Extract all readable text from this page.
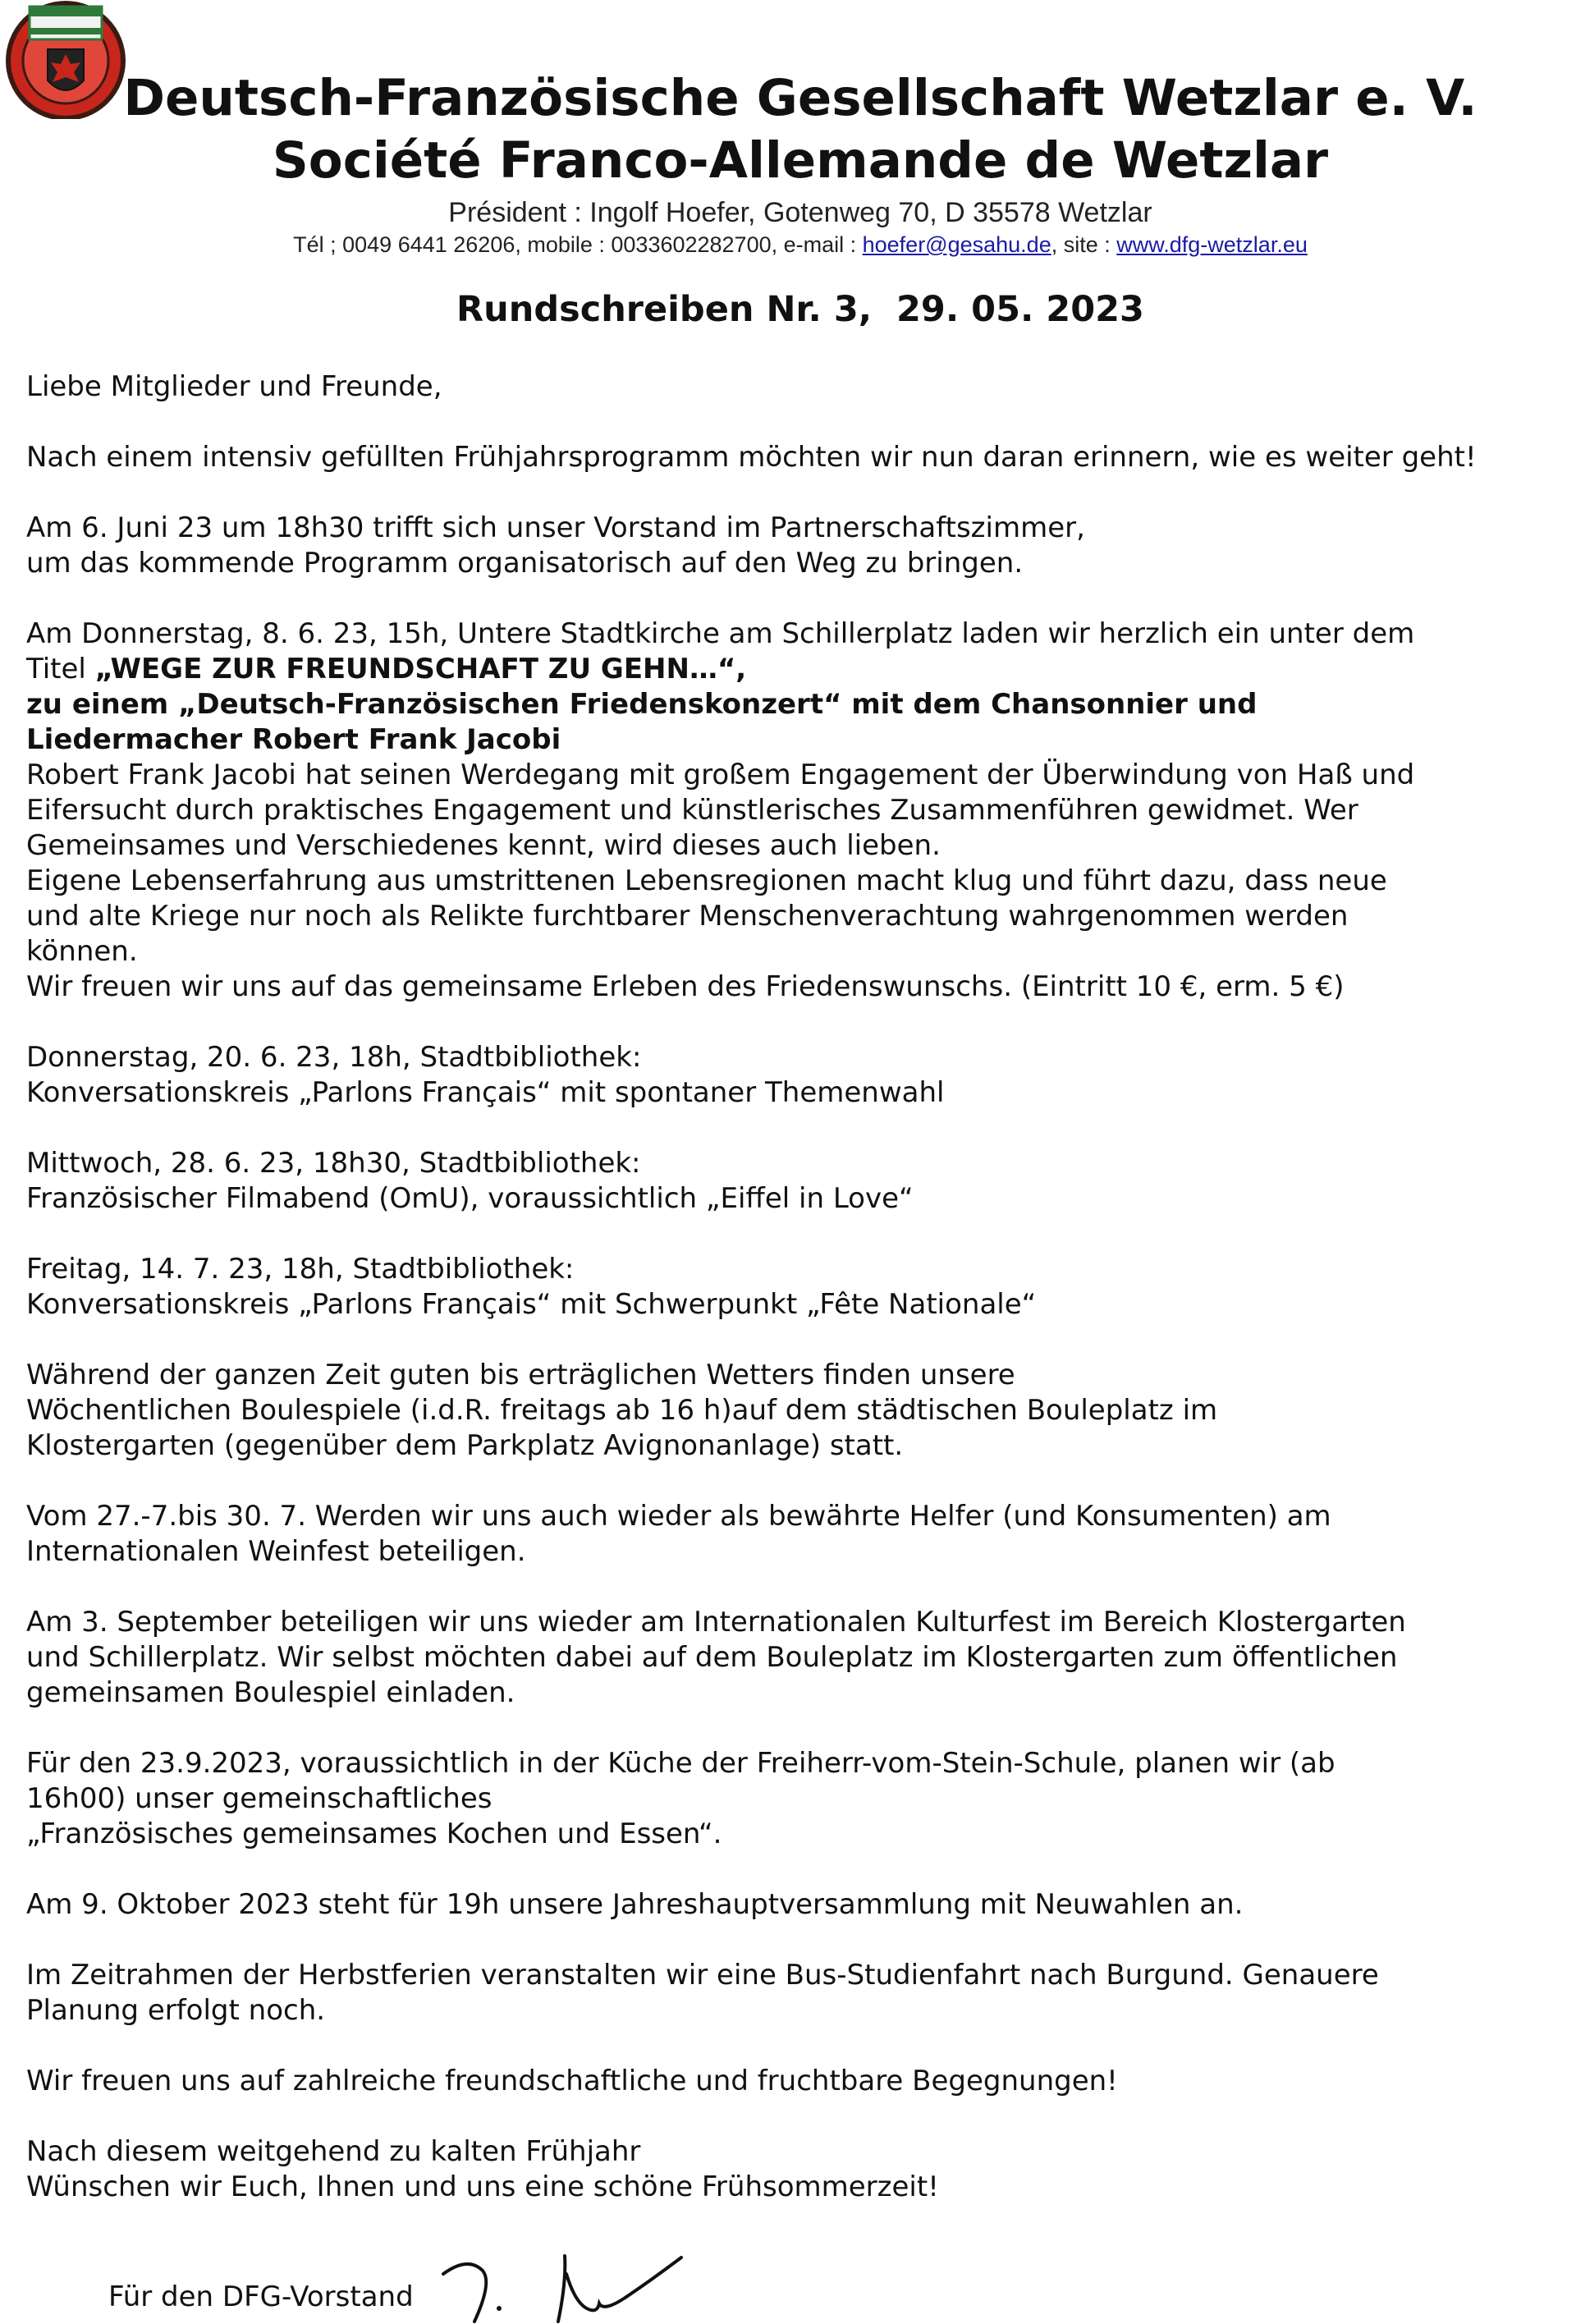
Deutsch-Französische Gesellschaft Wetzlar e. V.
Société Franco-Allemande de Wetzlar
Président : Ingolf Hoefer, Gotenweg 70, D 35578 Wetzlar
Tél ; 0049 6441 26206, mobile : 0033602282700, e-mail : hoefer@gesahu.de, site : www.dfg-wetzlar.eu
Rundschreiben Nr. 3,  29. 05. 2023

Liebe Mitglieder und Freunde,

Nach einem intensiv gefüllten Frühjahrsprogramm möchten wir nun daran erinnern, wie es weiter geht!

Am 6. Juni 23 um 18h30 trifft sich unser Vorstand im Partnerschaftszimmer,
um das kommende Programm organisatorisch auf den Weg zu bringen.

Am Donnerstag, 8. 6. 23, 15h, Untere Stadtkirche am Schillerplatz laden wir herzlich ein unter dem
Titel „WEGE ZUR FREUNDSCHAFT ZU GEHN…“,
zu einem „Deutsch-Französischen Friedenskonzert“ mit dem Chansonnier und
Liedermacher Robert Frank Jacobi
Robert Frank Jacobi hat seinen Werdegang mit großem Engagement der Überwindung von Haß und
Eifersucht durch praktisches Engagement und künstlerisches Zusammenführen gewidmet. Wer
Gemeinsames und Verschiedenes kennt, wird dieses auch lieben.
Eigene Lebenserfahrung aus umstrittenen Lebensregionen macht klug und führt dazu, dass neue
und alte Kriege nur noch als Relikte furchtbarer Menschenverachtung wahrgenommen werden
können.
Wir freuen wir uns auf das gemeinsame Erleben des Friedenswunschs. (Eintritt 10 €, erm. 5 €)

Donnerstag, 20. 6. 23, 18h, Stadtbibliothek:
Konversationskreis „Parlons Français“ mit spontaner Themenwahl

Mittwoch, 28. 6. 23, 18h30, Stadtbibliothek:
Französischer Filmabend (OmU), voraussichtlich „Eiffel in Love“

Freitag, 14. 7. 23, 18h, Stadtbibliothek:
Konversationskreis „Parlons Français“ mit Schwerpunkt „Fête Nationale“

Während der ganzen Zeit guten bis erträglichen Wetters finden unsere
Wöchentlichen Boulespiele (i.d.R. freitags ab 16 h)auf dem städtischen Bouleplatz im
Klostergarten (gegenüber dem Parkplatz Avignonanlage) statt.

Vom 27.-7.bis 30. 7. Werden wir uns auch wieder als bewährte Helfer (und Konsumenten) am
Internationalen Weinfest beteiligen.

Am 3. September beteiligen wir uns wieder am Internationalen Kulturfest im Bereich Klostergarten
und Schillerplatz. Wir selbst möchten dabei auf dem Bouleplatz im Klostergarten zum öffentlichen
gemeinsamen Boulespiel einladen.

Für den 23.9.2023, voraussichtlich in der Küche der Freiherr-vom-Stein-Schule, planen wir (ab
16h00) unser gemeinschaftliches
„Französisches gemeinsames Kochen und Essen“.

Am 9. Oktober 2023 steht für 19h unsere Jahreshauptversammlung mit Neuwahlen an.

Im Zeitrahmen der Herbstferien veranstalten wir eine Bus-Studienfahrt nach Burgund. Genauere
Planung erfolgt noch.

Wir freuen uns auf zahlreiche freundschaftliche und fruchtbare Begegnungen!

Nach diesem weitgehend zu kalten Frühjahr
Wünschen wir Euch, Ihnen und uns eine schöne Frühsommerzeit!

Für den DFG-Vorstand
